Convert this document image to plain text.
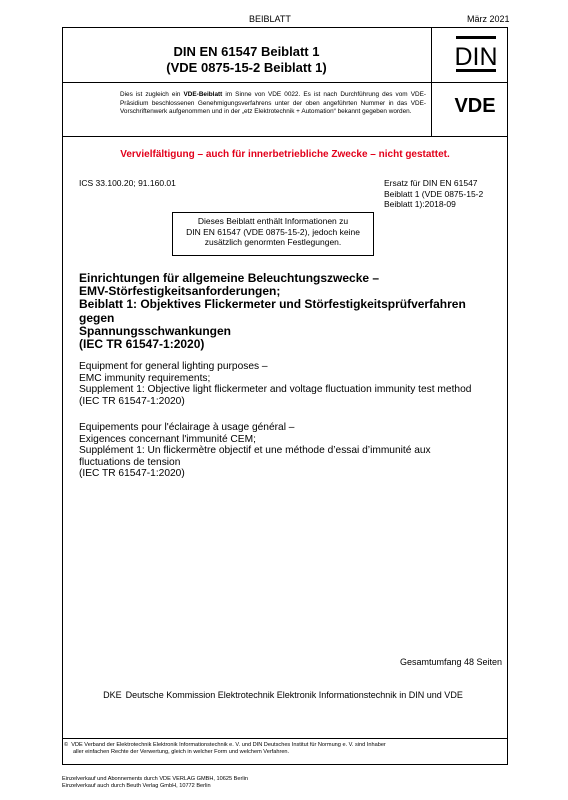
BEIBLATT	März 2021
DIN EN 61547 Beiblatt 1
(VDE 0875-15-2 Beiblatt 1)	DIN
VDE
Dies ist zugleich ein VDE-Beiblatt im Sinne von VDE 0022. Es ist nach Durchführung des vom VDE-Präsidium beschlossenen Genehmigungsverfahrens unter der oben angeführten Nummer in das VDE-Vorschriftenwerk aufgenommen und in der „etz Elektrotechnik + Automation“ bekannt gegeben worden.
Vervielfältigung – auch für innerbetriebliche Zwecke – nicht gestattet.
ICS 33.100.20; 91.160.01	Ersatz für DIN EN 61547
Beiblatt 1 (VDE 0875-15-2
Beiblatt 1):2018-09
Dieses Beiblatt enthält Informationen zu
DIN EN 61547 (VDE 0875-15-2), jedoch keine
zusätzlich genormten Festlegungen.
Einrichtungen für allgemeine Beleuchtungszwecke –
EMV-Störfestigkeitsanforderungen;
Beiblatt 1: Objektives Flickermeter und Störfestigkeitsprüfverfahren gegen
Spannungsschwankungen
(IEC TR 61547-1:2020)
Equipment for general lighting purposes –
EMC immunity requirements;
Supplement 1: Objective light flickermeter and voltage fluctuation immunity test method
(IEC TR 61547-1:2020)
Equipements pour l'éclairage à usage général –
Exigences concernant l'immunité CEM;
Supplément 1: Un flickermètre objectif et une méthode d’essai d’immunité aux
fluctuations de tension
(IEC TR 61547-1:2020)
Gesamtumfang 48 Seiten
DKE Deutsche Kommission Elektrotechnik Elektronik Informationstechnik in DIN und VDE
© VDE Verband der Elektrotechnik Elektronik Informationstechnik e. V. und DIN Deutsches Institut für Normung e. V. sind Inhaber
aller einfachen Rechte der Verwertung, gleich in welcher Form und welchem Verfahren.
Einzelverkauf und Abonnements durch VDE VERLAG GMBH, 10625 Berlin
Einzelverkauf auch durch Beuth Verlag GmbH, 10772 Berlin
